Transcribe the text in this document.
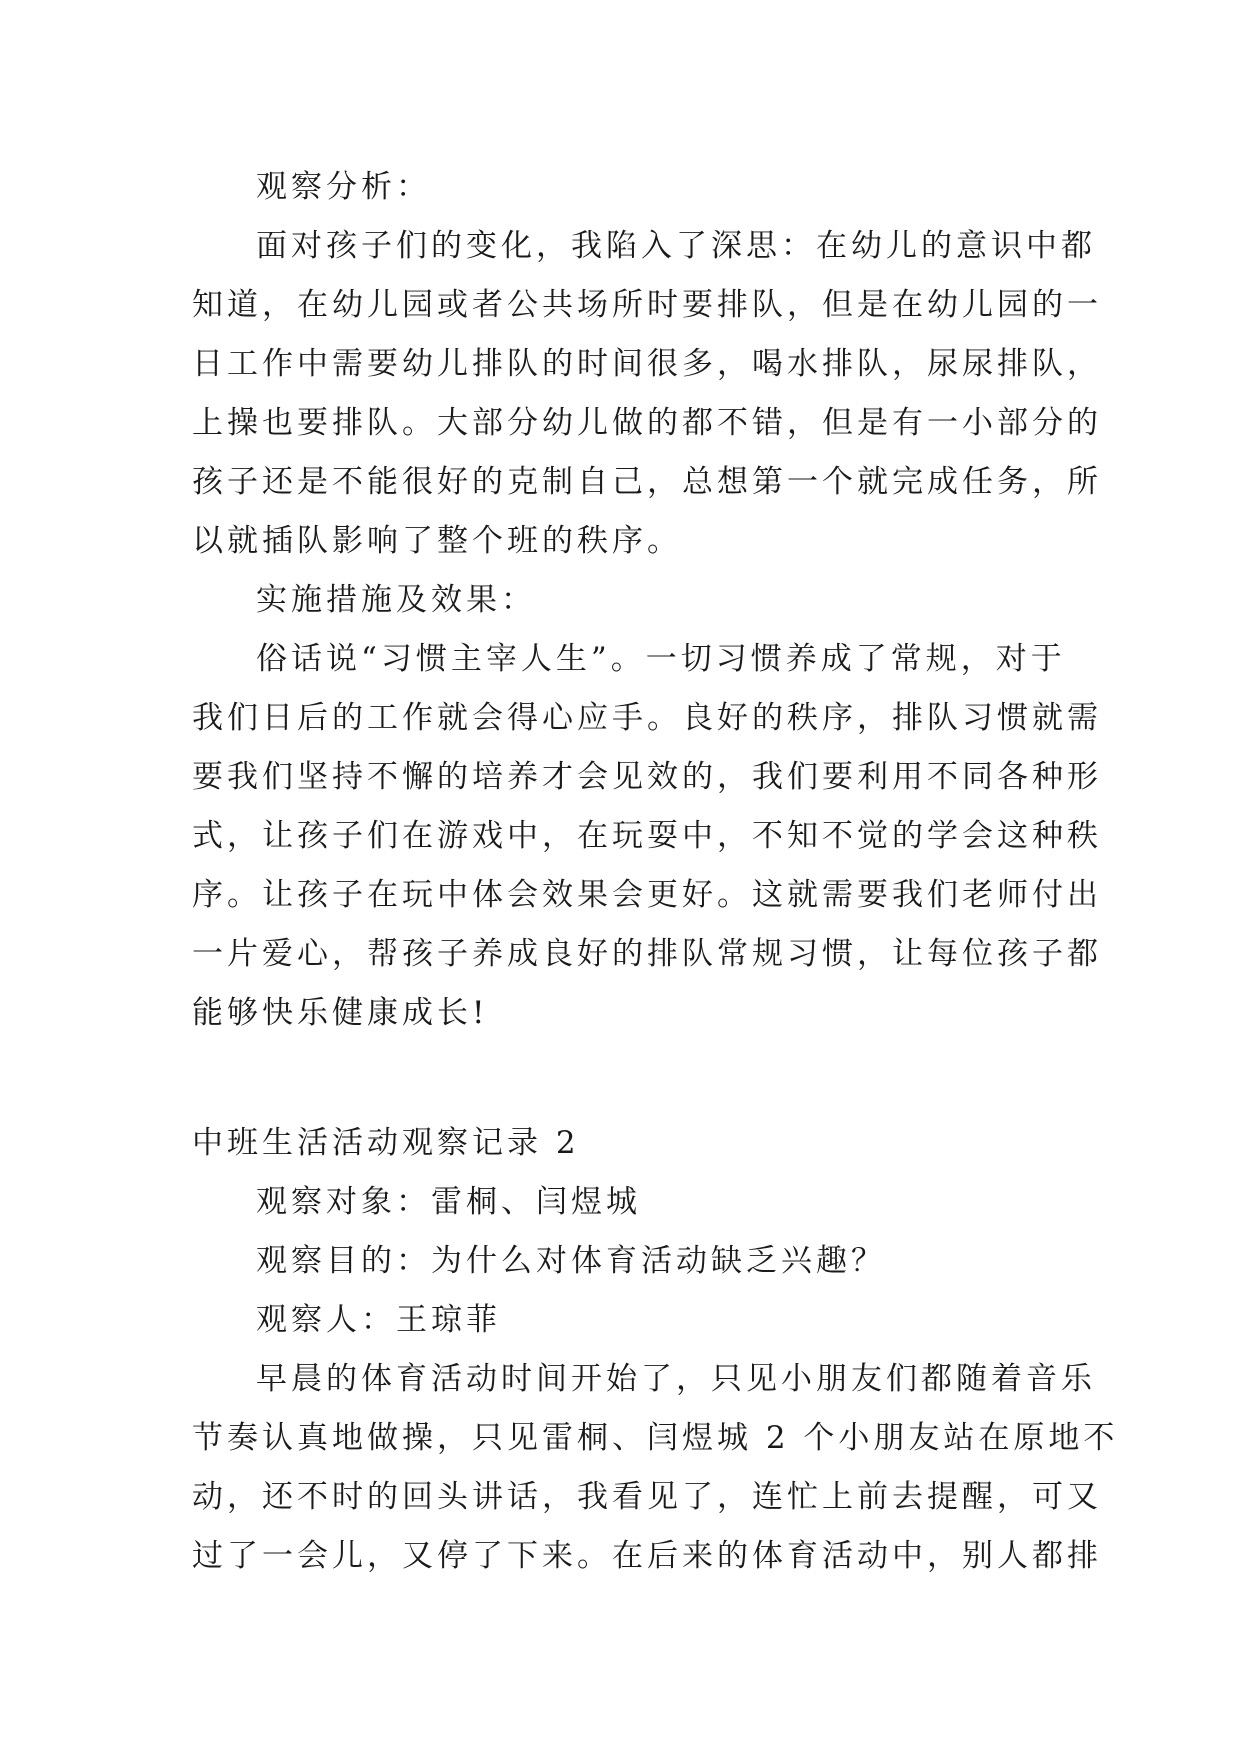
观察分析：
面对孩子们的变化，我陷入了深思：在幼儿的意识中都
知道，在幼儿园或者公共场所时要排队，但是在幼儿园的一
日工作中需要幼儿排队的时间很多，喝水排队，尿尿排队，
上操也要排队。大部分幼儿做的都不错，但是有一小部分的
孩子还是不能很好的克制自己，总想第一个就完成任务，所
以就插队影响了整个班的秩序。
实施措施及效果：
俗话说“习惯主宰人生”。一切习惯养成了常规，对于
我们日后的工作就会得心应手。良好的秩序，排队习惯就需
要我们坚持不懈的培养才会见效的，我们要利用不同各种形
式，让孩子们在游戏中，在玩耍中，不知不觉的学会这种秩
序。让孩子在玩中体会效果会更好。这就需要我们老师付出
一片爱心，帮孩子养成良好的排队常规习惯，让每位孩子都
能够快乐健康成长!
中班生活活动观察记录 2
观察对象：雷桐、闫煜城
观察目的：为什么对体育活动缺乏兴趣？
观察人：王琼菲
早晨的体育活动时间开始了，只见小朋友们都随着音乐
节奏认真地做操，只见雷桐、闫煜城 2 个小朋友站在原地不
动，还不时的回头讲话，我看见了，连忙上前去提醒，可又
过了一会儿，又停了下来。在后来的体育活动中，别人都排
